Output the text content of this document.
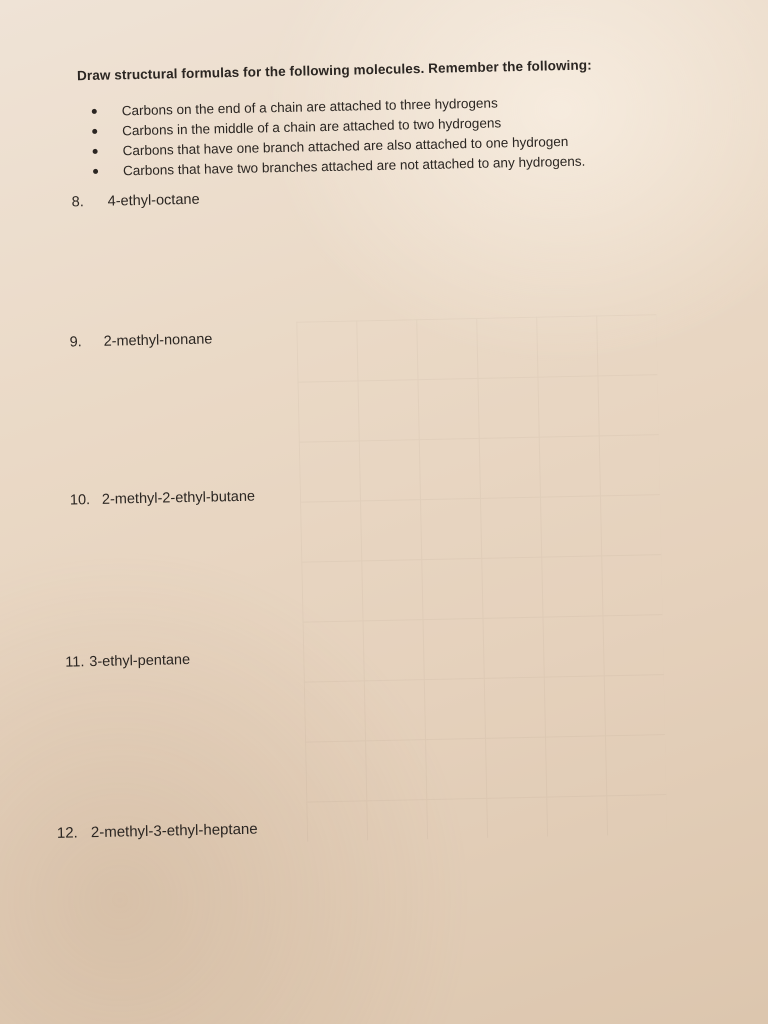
Draw structural formulas for the following molecules. Remember the following:
Carbons on the end of a chain are attached to three hydrogens
Carbons in the middle of a chain are attached to two hydrogens
Carbons that have one branch attached are also attached to one hydrogen
Carbons that have two branches attached are not attached to any hydrogens.
8. 4-ethyl-octane
9. 2-methyl-nonane
10. 2-methyl-2-ethyl-butane
11. 3-ethyl-pentane
12. 2-methyl-3-ethyl-heptane
